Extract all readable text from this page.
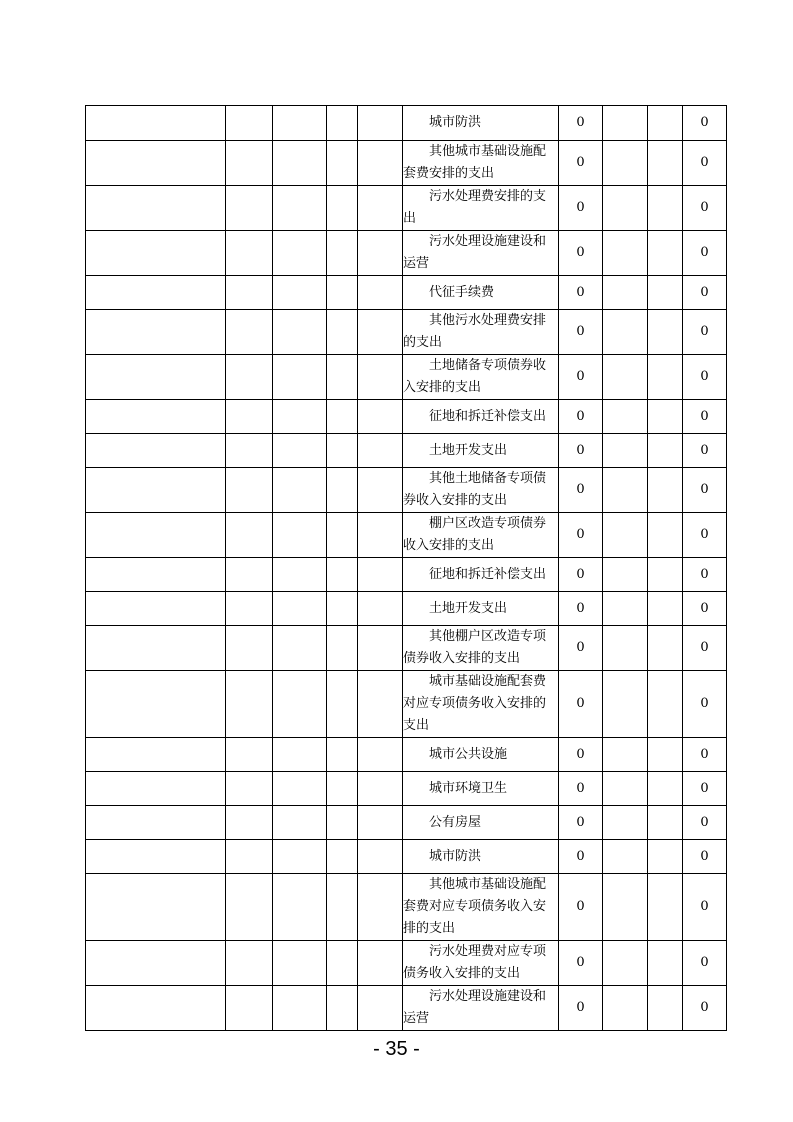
					城市防洪	0			0
					其他城市基础设施配套费安排的支出	0			0
					污水处理费安排的支出	0			0
					污水处理设施建设和运营	0			0
					代征手续费	0			0
					其他污水处理费安排的支出	0			0
					土地储备专项债券收入安排的支出	0			0
					征地和拆迁补偿支出	0			0
					土地开发支出	0			0
					其他土地储备专项债券收入安排的支出	0			0
					棚户区改造专项债券收入安排的支出	0			0
					征地和拆迁补偿支出	0			0
					土地开发支出	0			0
					其他棚户区改造专项债券收入安排的支出	0			0
					城市基础设施配套费对应专项债务收入安排的支出	0			0
					城市公共设施	0			0
					城市环境卫生	0			0
					公有房屋	0			0
					城市防洪	0			0
					其他城市基础设施配套费对应专项债务收入安排的支出	0			0
					污水处理费对应专项债务收入安排的支出	0			0
					污水处理设施建设和运营	0			0
- 35 -
